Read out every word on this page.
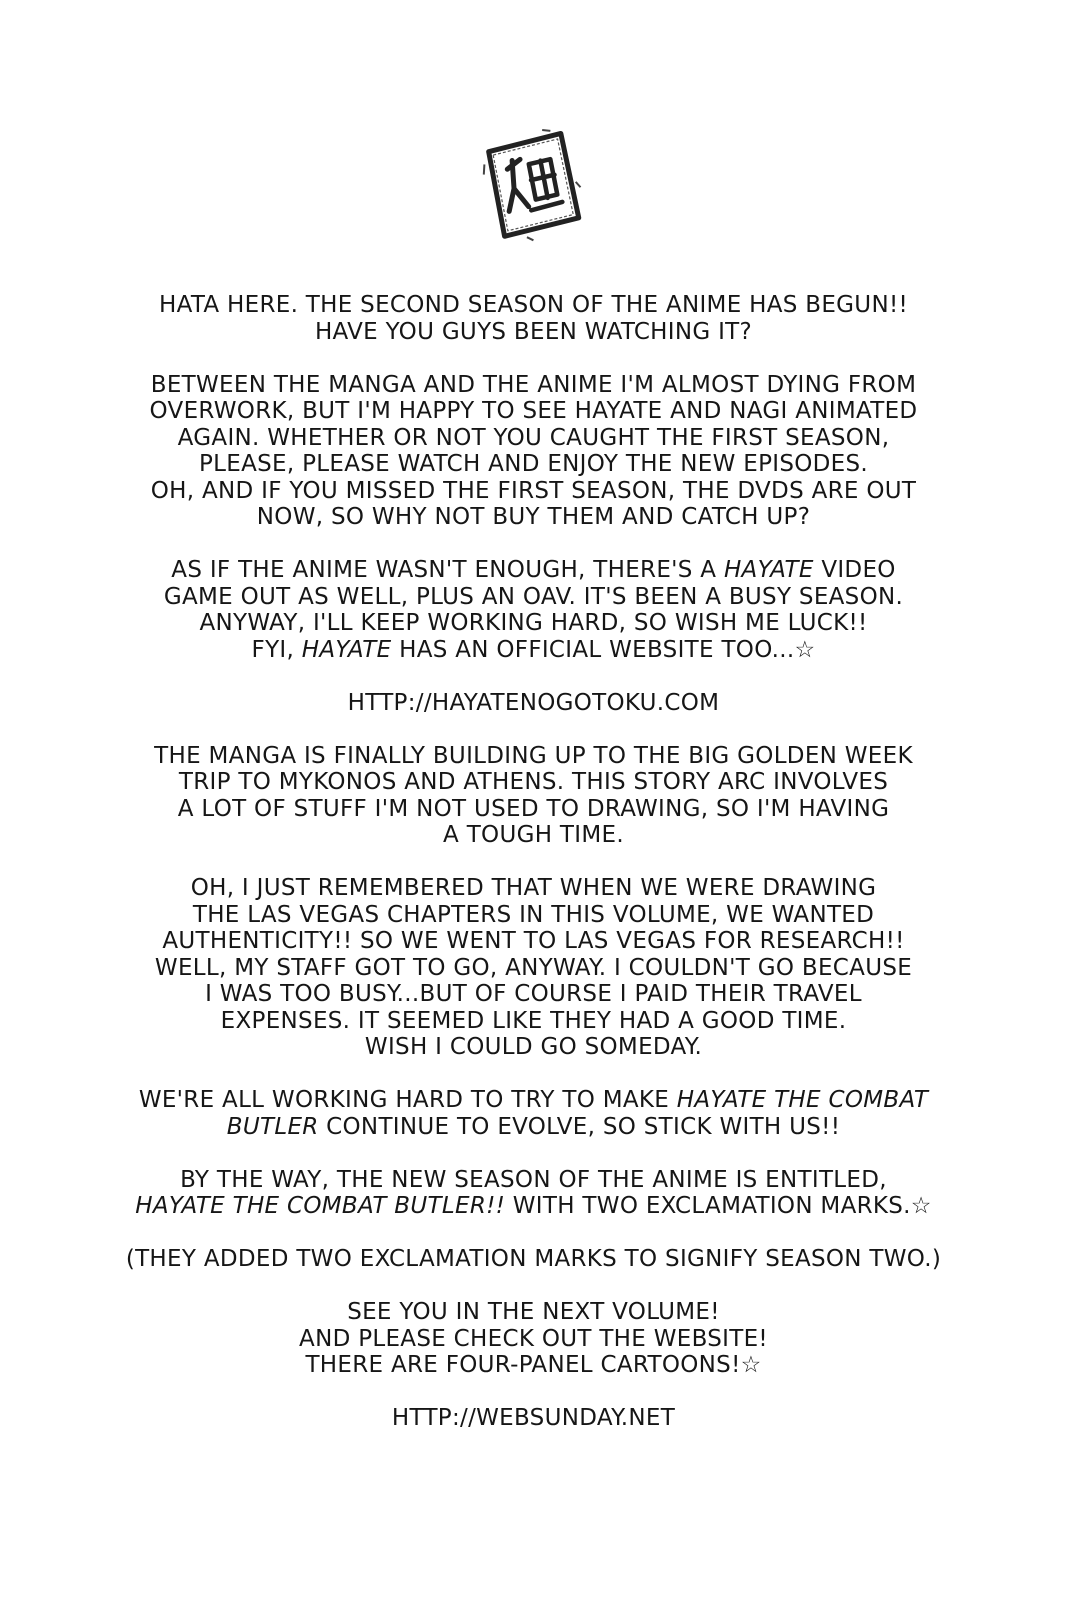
HATA HERE. THE SECOND SEASON OF THE ANIME HAS BEGUN!!
HAVE YOU GUYS BEEN WATCHING IT?
BETWEEN THE MANGA AND THE ANIME I'M ALMOST DYING FROM
OVERWORK, BUT I'M HAPPY TO SEE HAYATE AND NAGI ANIMATED
AGAIN. WHETHER OR NOT YOU CAUGHT THE FIRST SEASON,
PLEASE, PLEASE WATCH AND ENJOY THE NEW EPISODES.
OH, AND IF YOU MISSED THE FIRST SEASON, THE DVDS ARE OUT
NOW, SO WHY NOT BUY THEM AND CATCH UP?
AS IF THE ANIME WASN'T ENOUGH, THERE'S A HAYATE VIDEO
GAME OUT AS WELL, PLUS AN OAV. IT'S BEEN A BUSY SEASON.
ANYWAY, I'LL KEEP WORKING HARD, SO WISH ME LUCK!!
FYI, HAYATE HAS AN OFFICIAL WEBSITE TOO...☆
HTTP://HAYATENOGOTOKU.COM
THE MANGA IS FINALLY BUILDING UP TO THE BIG GOLDEN WEEK
TRIP TO MYKONOS AND ATHENS. THIS STORY ARC INVOLVES
A LOT OF STUFF I'M NOT USED TO DRAWING, SO I'M HAVING
A TOUGH TIME.
OH, I JUST REMEMBERED THAT WHEN WE WERE DRAWING
THE LAS VEGAS CHAPTERS IN THIS VOLUME, WE WANTED
AUTHENTICITY!! SO WE WENT TO LAS VEGAS FOR RESEARCH!!
WELL, MY STAFF GOT TO GO, ANYWAY. I COULDN'T GO BECAUSE
I WAS TOO BUSY...BUT OF COURSE I PAID THEIR TRAVEL
EXPENSES. IT SEEMED LIKE THEY HAD A GOOD TIME.
WISH I COULD GO SOMEDAY.
WE'RE ALL WORKING HARD TO TRY TO MAKE HAYATE THE COMBAT
BUTLER CONTINUE TO EVOLVE, SO STICK WITH US!!
BY THE WAY, THE NEW SEASON OF THE ANIME IS ENTITLED,
HAYATE THE COMBAT BUTLER!! WITH TWO EXCLAMATION MARKS.☆
(THEY ADDED TWO EXCLAMATION MARKS TO SIGNIFY SEASON TWO.)
SEE YOU IN THE NEXT VOLUME!
AND PLEASE CHECK OUT THE WEBSITE!
THERE ARE FOUR-PANEL CARTOONS!☆
HTTP://WEBSUNDAY.NET
